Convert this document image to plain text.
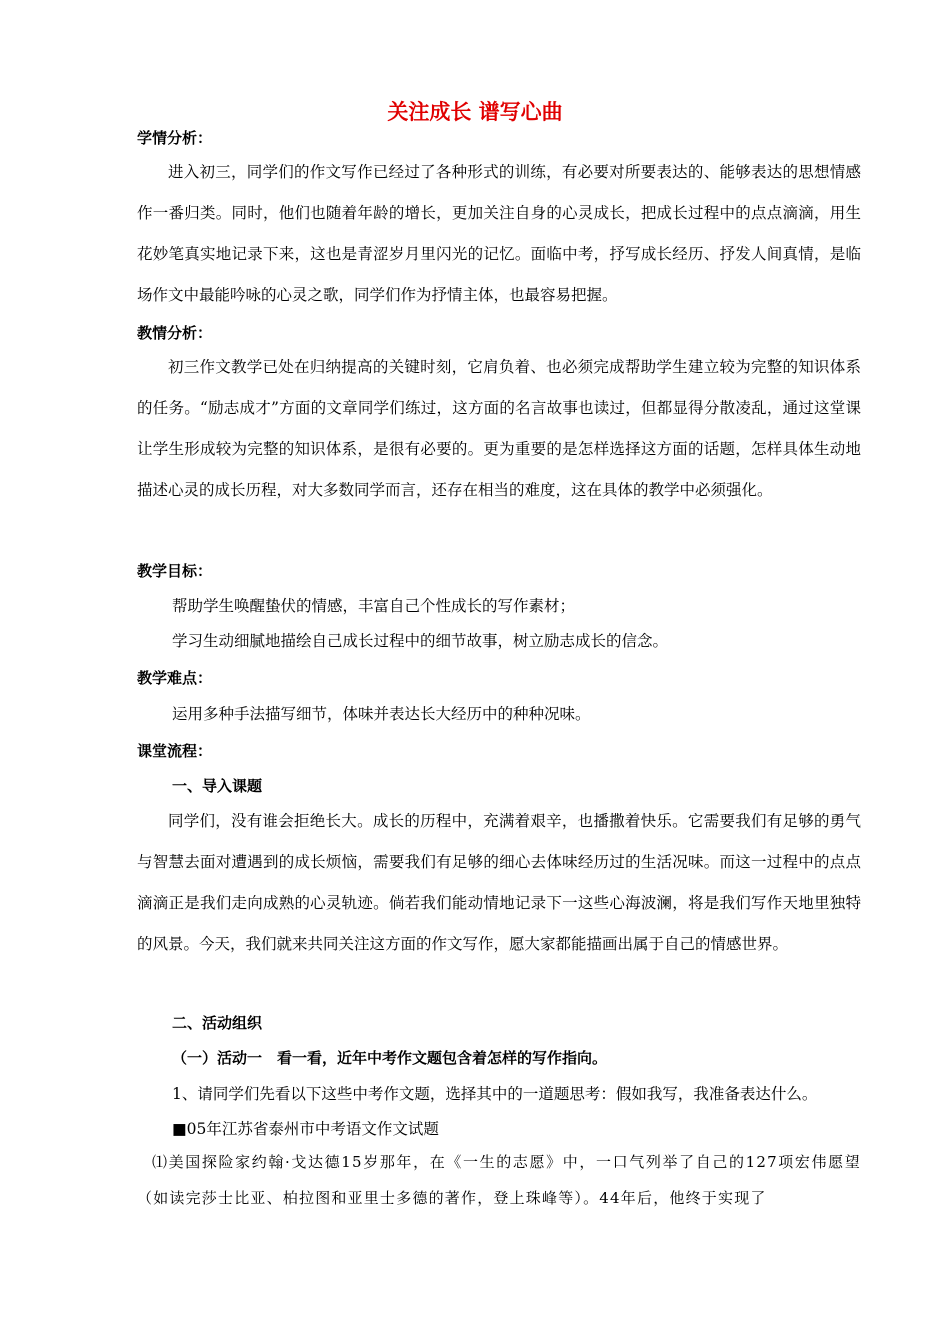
关注成长 谱写心曲
学情分析：

进入初三，同学们的作文写作已经过了各种形式的训练，有必要对所要表达的、能够表达的思想情感作一番归类。同时，他们也随着年龄的增长，更加关注自身的心灵成长，把成长过程中的点点滴滴，用生花妙笔真实地记录下来，这也是青涩岁月里闪光的记忆。面临中考，抒写成长经历、抒发人间真情，是临场作文中最能吟咏的心灵之歌，同学们作为抒情主体，也最容易把握。

教情分析：

初三作文教学已处在归纳提高的关键时刻，它肩负着、也必须完成帮助学生建立较为完整的知识体系的任务。“励志成才”方面的文章同学们练过，这方面的名言故事也读过，但都显得分散凌乱，通过这堂课让学生形成较为完整的知识体系，是很有必要的。更为重要的是怎样选择这方面的话题，怎样具体生动地描述心灵的成长历程，对大多数同学而言，还存在相当的难度，这在具体的教学中必须强化。

教学目标：

帮助学生唤醒蛰伏的情感，丰富自己个性成长的写作素材；

学习生动细腻地描绘自己成长过程中的细节故事，树立励志成长的信念。

教学难点：

运用多种手法描写细节，体味并表达长大经历中的种种况味。

课堂流程：
一、导入课题

同学们，没有谁会拒绝长大。成长的历程中，充满着艰辛，也播撒着快乐。它需要我们有足够的勇气与智慧去面对遭遇到的成长烦恼，需要我们有足够的细心去体味经历过的生活况味。而这一过程中的点点滴滴正是我们走向成熟的心灵轨迹。倘若我们能动情地记录下一这些心海波澜，将是我们写作天地里独特的风景。今天，我们就来共同关注这方面的作文写作，愿大家都能描画出属于自己的情感世界。

二、活动组织
（一）活动一　看一看，近年中考作文题包含着怎样的写作指向。

1、请同学们先看以下这些中考作文题，选择其中的一道题思考：假如我写，我准备表达什么。

■05年江苏省泰州市中考语文作文试题

⑴美国探险家约翰·戈达德15岁那年，在《一生的志愿》中，一口气列举了自己的127项宏伟愿望（如读完莎士比亚、柏拉图和亚里士多德的著作，登上珠峰等）。44年后，他终于实现了
